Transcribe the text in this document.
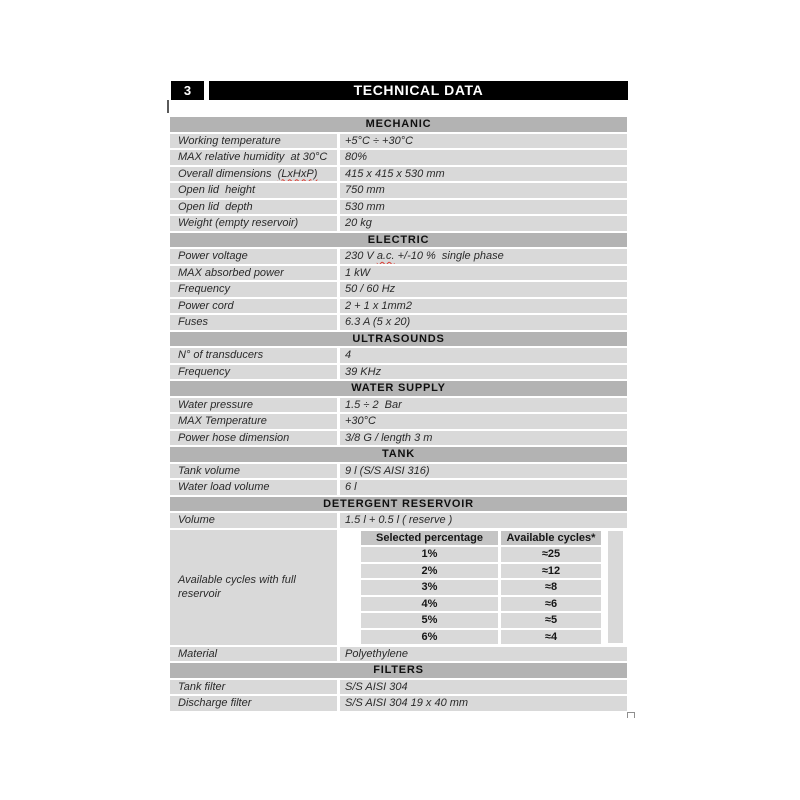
3	TECHNICAL DATA
MECHANIC
Working temperature	+5°C ÷ +30°C
MAX relative humidity  at 30°C	80%
Overall dimensions  (LxHxP)	415 x 415 x 530 mm
Open lid  height	750 mm
Open lid  depth	530 mm
Weight (empty reservoir)	20 kg
ELECTRIC
Power voltage	230 V a.c. +/-10 %  single phase
MAX absorbed power	1 kW
Frequency	50 / 60 Hz
Power cord	2 + 1 x 1mm2
Fuses	6.3 A (5 x 20)
ULTRASOUNDS
N° of transducers	4
Frequency	39 KHz
WATER SUPPLY
Water pressure	1.5 ÷ 2  Bar
MAX Temperature	+30°C
Power hose dimension	3/8 G / length 3 m
TANK
Tank volume	9 l (S/S AISI 316)
Water load volume	6 l
DETERGENT RESERVOIR
Volume	1.5 l + 0.5 l ( reserve )
Available cycles with full reservoir
Selected percentage	Available cycles*
1%	≈25
2%	≈12
3%	≈8
4%	≈6
5%	≈5
6%	≈4
Material	Polyethylene
FILTERS
Tank filter	S/S AISI 304
Discharge filter	S/S AISI 304 19 x 40 mm
